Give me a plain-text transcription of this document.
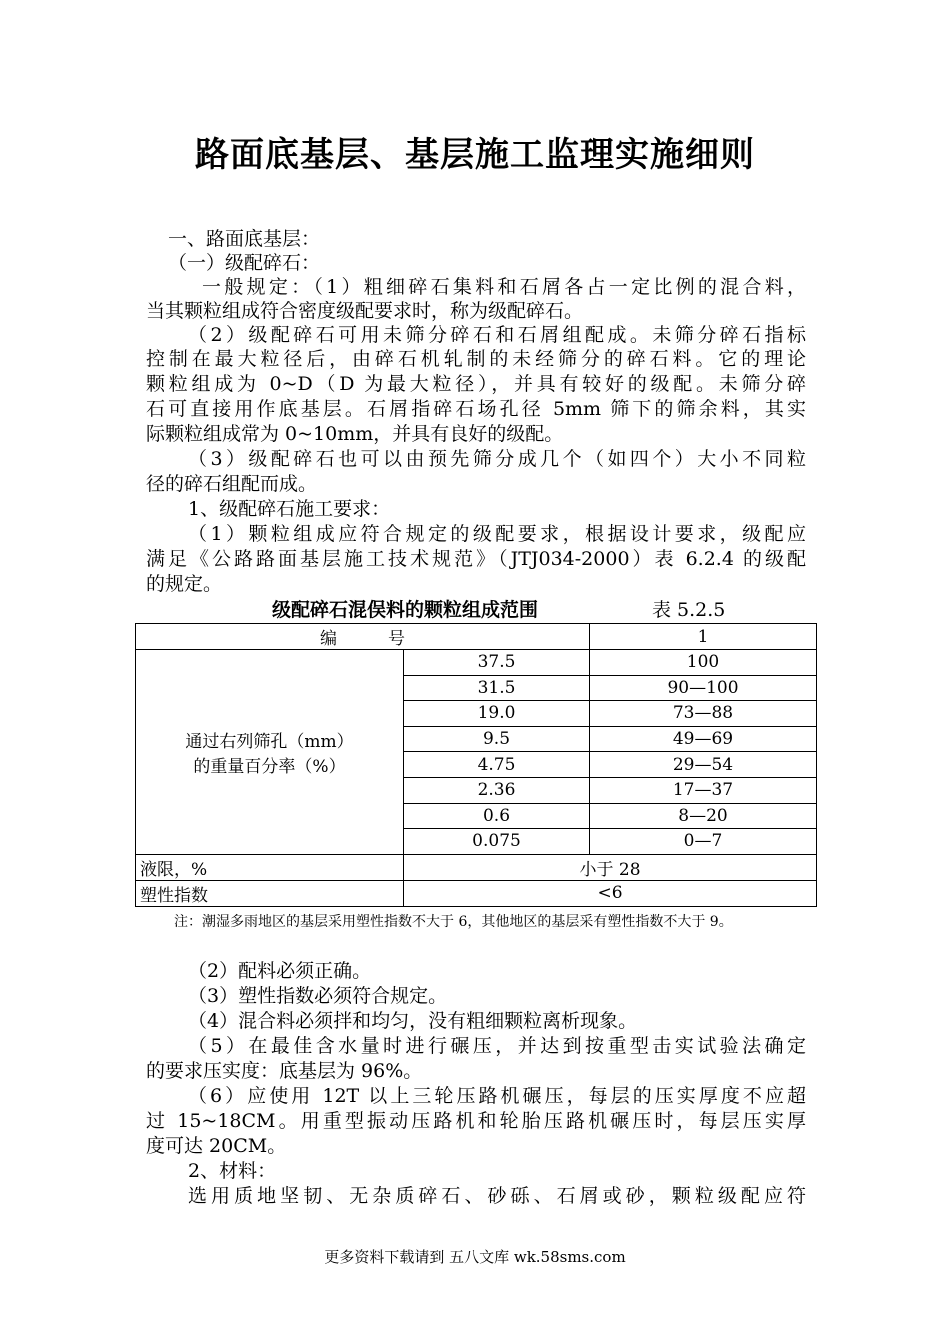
路面底基层、基层施工监理实施细则
一、路面底基层：
（一）级配碎石：
一般规定：（1）粗细碎石集料和石屑各占一定比例的混合料，
当其颗粒组成符合密度级配要求时，称为级配碎石。
（2）级配碎石可用未筛分碎石和石屑组配成。未筛分碎石指标
控制在最大粒径后，由碎石机轧制的未经筛分的碎石料。它的理论
颗粒组成为 0~D（D 为最大粒径），并具有较好的级配。未筛分碎
石可直接用作底基层。石屑指碎石场孔径 5mm 筛下的筛余料，其实
际颗粒组成常为 0~10mm，并具有良好的级配。
（3）级配碎石也可以由预先筛分成几个（如四个）大小不同粒
径的碎石组配而成。
1、级配碎石施工要求：
（1）颗粒组成应符合规定的级配要求，根据设计要求，级配应
满足《公路路面基层施工技术规范》（JTJ034-2000）表 6.2.4 的级配
的规定。
级配碎石混俣料的颗粒组成范围	表 5.2.5
编　　　号		1

通过右列筛孔（mm）
的重量百分率（%）	37.5	100
	31.5	90—100
	19.0	73—88
	9.5	49—69
	4.75	29—54
	2.36	17—37
	0.6	8—20
	0.075	0—7
液限，%	小于 28	
塑性指数	<6	
注：潮湿多雨地区的基层采用塑性指数不大于 6，其他地区的基层采有塑性指数不大于 9。
（2）配料必须正确。
（3）塑性指数必须符合规定。
（4）混合料必须拌和均匀，没有粗细颗粒离析现象。
（5）在最佳含水量时进行碾压，并达到按重型击实试验法确定
的要求压实度：底基层为 96%。
（6）应使用 12T 以上三轮压路机碾压，每层的压实厚度不应超
过 15~18CM。用重型振动压路机和轮胎压路机碾压时，每层压实厚
度可达 20CM。
2、材料：
选用质地坚韧、无杂质碎石、砂砾、石屑或砂，颗粒级配应符
更多资料下载请到 五八文库 wk.58sms.com
